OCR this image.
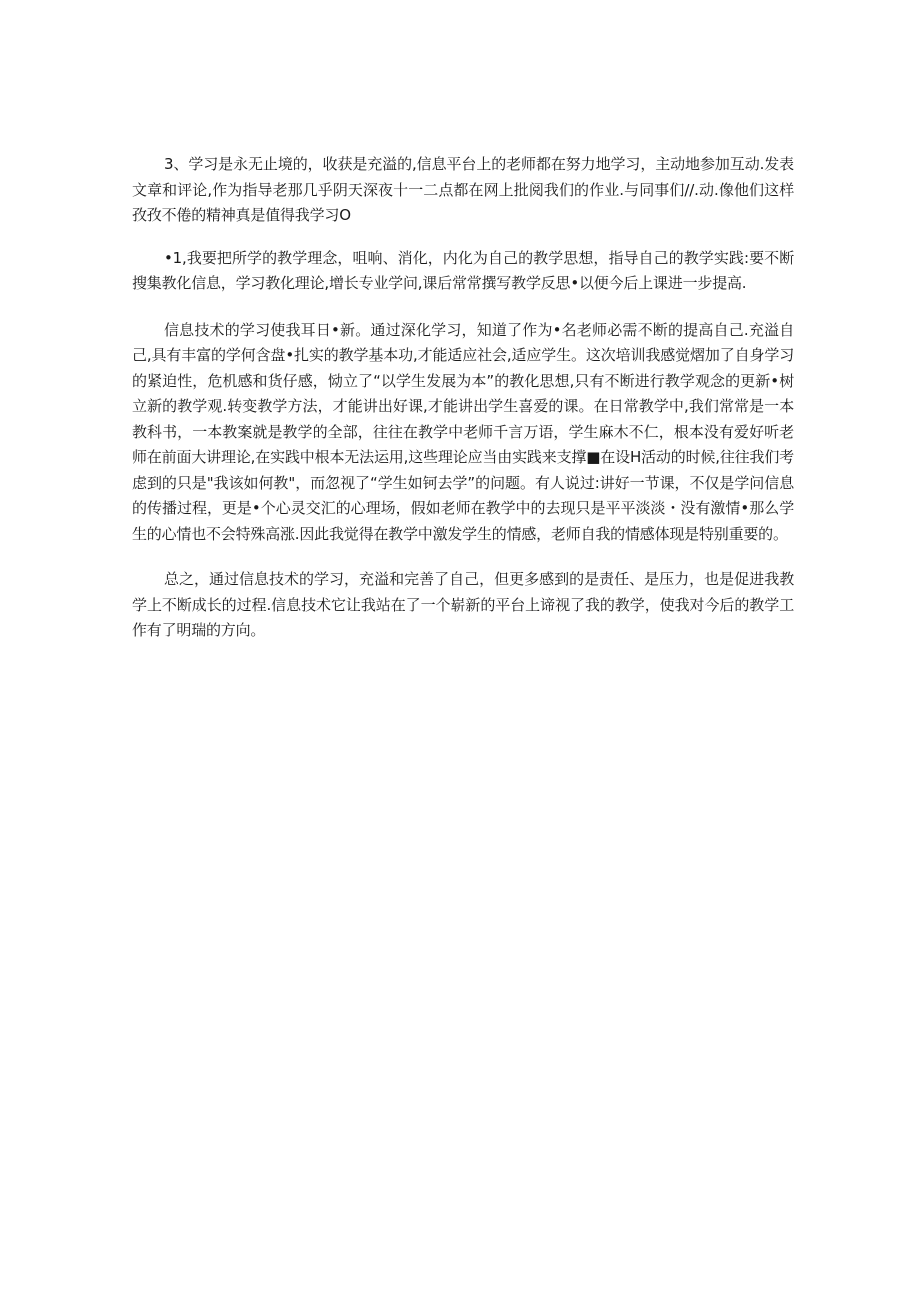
3、学习是永无止境的，收获是充溢的,信息平台上的老师都在努力地学习，主动地参加互动.发表文章和评论,作为指导老那几乎阴天深夜十一二点都在网上批阅我们的作业.与同事们//.动.像他们这样孜孜不倦的精神真是值得我学习O

•1,我要把所学的教学理念，咀响、消化，内化为自己的教学思想，指导自己的教学实践:要不断搜集教化信息，学习教化理论,增长专业学问,课后常常撰写教学反思•以便今后上课进一步提高.

信息技术的学习使我耳日•新。通过深化学习，知道了作为•名老师必需不断的提高自己.充溢自己,具有丰富的学何含盘•扎实的教学基本功,才能适应社会,适应学生。这次培训我感觉熠加了自身学习的紧迫性，危机感和货仔感，恸立了“以学生发展为本”的教化思想,只有不断进行教学观念的更新•树立新的教学观.转变教学方法，才能讲出好课,才能讲出学生喜爱的课。在日常教学中,我们常常是一本教科书，一本教案就是教学的全部，往往在教学中老师千言万语，学生麻木不仁，根本没有爱好听老师在前面大讲理论,在实践中根本无法运用,这些理论应当由实践来支撑■在设H活动的时候,往往我们考虑到的只是"我该如何教"，而忽视了“学生如钶去学”的问题。有人说过:讲好一节课，不仅是学问信息的传播过程，更是•个心灵交汇的心理场，假如老师在教学中的去现只是平平淡淡・没有激情•那么学生的心情也不会特殊高涨.因此我觉得在教学中激发学生的情感，老师自我的情感体现是特别重要的。

总之，通过信息技术的学习，充溢和完善了自己，但更多感到的是责任、是压力，也是促进我教学上不断成长的过程.信息技术它让我站在了一个崭新的平台上谛视了我的教学，使我对今后的教学工作有了明瑞的方向。
